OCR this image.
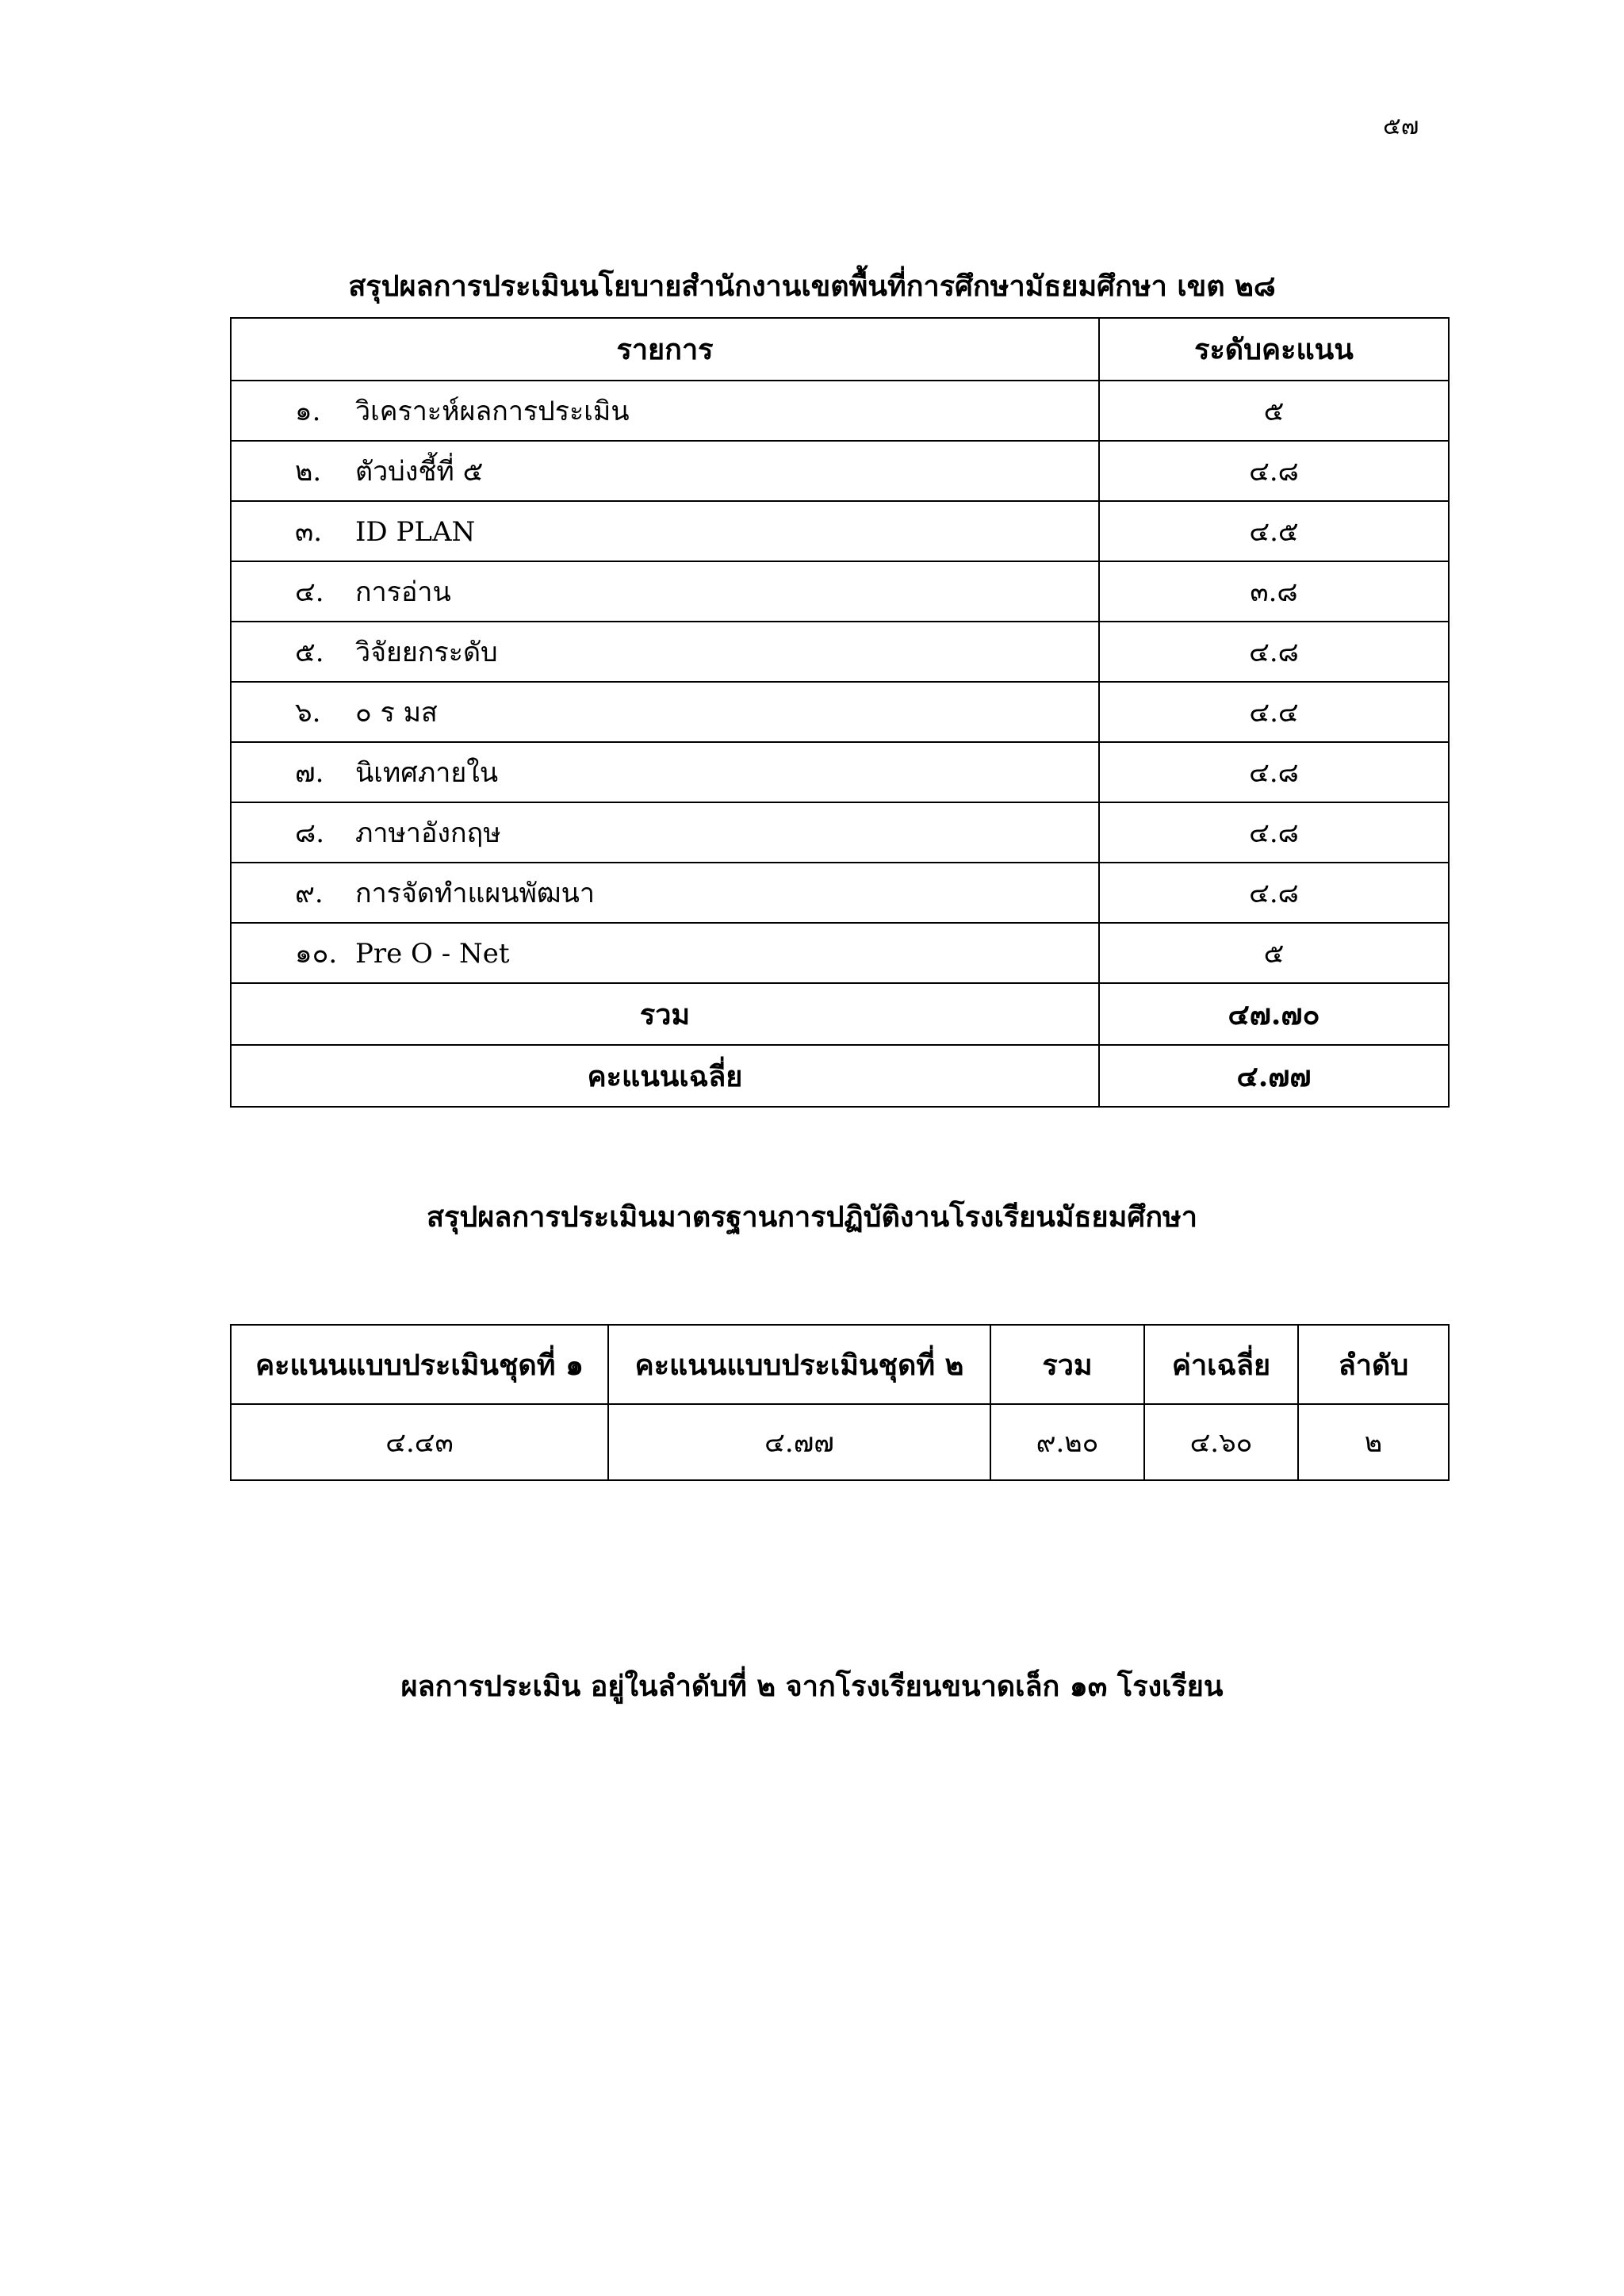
๕๗
สรุปผลการประเมินนโยบายสำนักงานเขตพื้นที่การศึกษามัธยมศึกษา เขต ๒๘
รายการ	ระดับคะแนน
๑. วิเคราะห์ผลการประเมิน	๕
๒. ตัวบ่งชี้ที่ ๕	๔.๘
๓. ID PLAN	๔.๕
๔. การอ่าน	๓.๘
๕. วิจัยยกระดับ	๔.๘
๖. ๐ ร มส	๔.๔
๗. นิเทศภายใน	๔.๘
๘. ภาษาอังกฤษ	๔.๘
๙. การจัดทำแผนพัฒนา	๔.๘
๑๐. Pre O - Net	๕
รวม	๔๗.๗๐
คะแนนเฉลี่ย	๔.๗๗
สรุปผลการประเมินมาตรฐานการปฏิบัติงานโรงเรียนมัธยมศึกษา
คะแนนแบบประเมินชุดที่ ๑	คะแนนแบบประเมินชุดที่ ๒	รวม	ค่าเฉลี่ย	ลำดับ
๔.๔๓	๔.๗๗	๙.๒๐	๔.๖๐	๒
ผลการประเมิน อยู่ในลำดับที่ ๒ จากโรงเรียนขนาดเล็ก ๑๓ โรงเรียน
